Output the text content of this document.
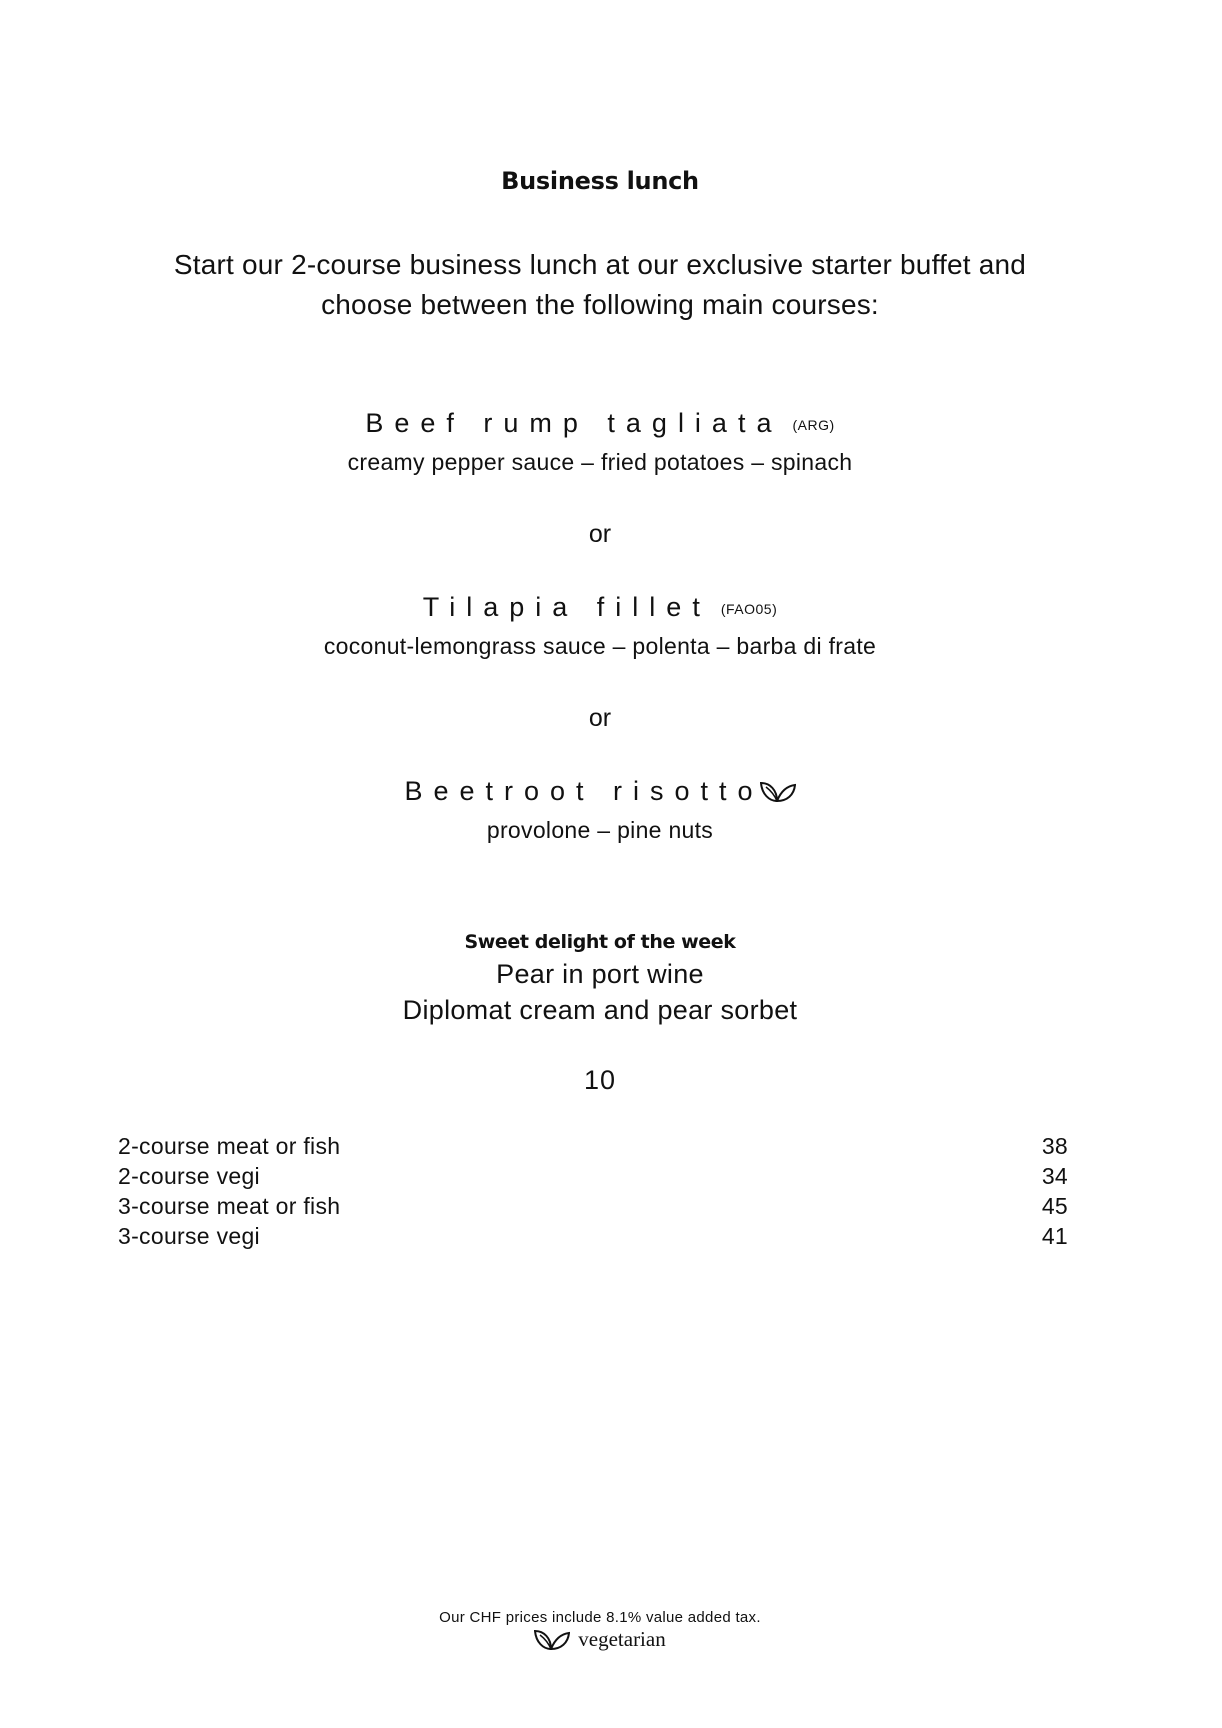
Business lunch
Start our 2-course business lunch at our exclusive starter buffet and
choose between the following main courses:
Beef rump tagliata (ARG)
creamy pepper sauce – fried potatoes – spinach
or
Tilapia fillet (FAO05)
coconut-lemongrass sauce – polenta – barba di frate
or
Beetroot risotto
provolone – pine nuts
Sweet delight of the week
Pear in port wine
Diplomat cream and pear sorbet
10
2-course meat or fish	38
2-course vegi	34
3-course meat or fish	45
3-course vegi	41
Our CHF prices include 8.1% value added tax.
vegetarian
